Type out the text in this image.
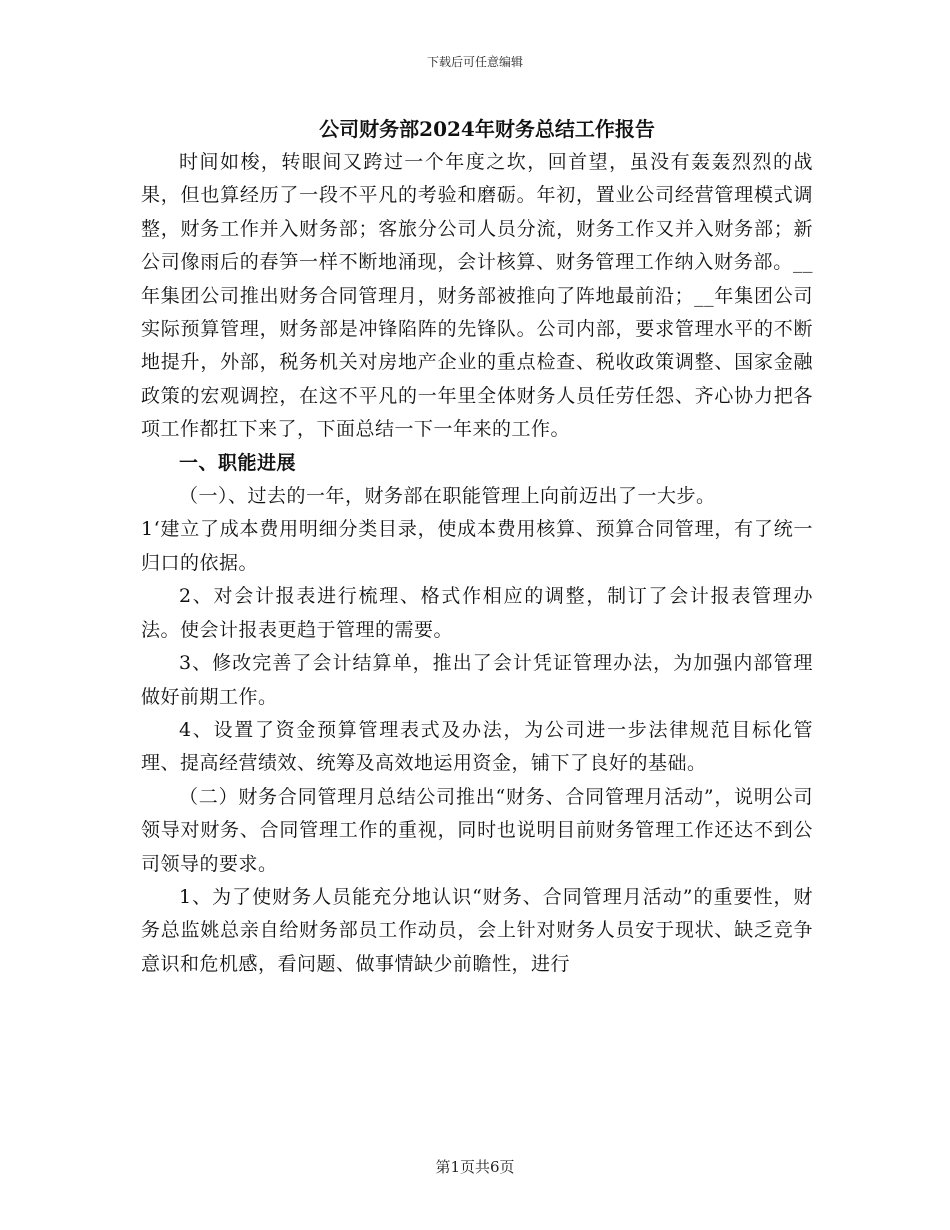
下载后可任意编辑
公司财务部2024年财务总结工作报告

时间如梭，转眼间又跨过一个年度之坎，回首望，虽没有轰轰烈烈的战果，但也算经历了一段不平凡的考验和磨砺。年初，置业公司经营管理模式调整，财务工作并入财务部；客旅分公司人员分流，财务工作又并入财务部；新公司像雨后的春笋一样不断地涌现，会计核算、财务管理工作纳入财务部。__年集团公司推出财务合同管理月，财务部被推向了阵地最前沿；__年集团公司实际预算管理，财务部是冲锋陷阵的先锋队。公司内部，要求管理水平的不断地提升，外部，税务机关对房地产企业的重点检查、税收政策调整、国家金融政策的宏观调控，在这不平凡的一年里全体财务人员任劳任怨、齐心协力把各项工作都扛下来了，下面总结一下一年来的工作。

一、职能进展

（一）、过去的一年，财务部在职能管理上向前迈出了一大步。

1‘建立了成本费用明细分类目录，使成本费用核算、预算合同管理，有了统一归口的依据。

2、对会计报表进行梳理、格式作相应的调整，制订了会计报表管理办法。使会计报表更趋于管理的需要。

3、修改完善了会计结算单，推出了会计凭证管理办法，为加强内部管理做好前期工作。

4、设置了资金预算管理表式及办法，为公司进一步法律规范目标化管理、提高经营绩效、统筹及高效地运用资金，铺下了良好的基础。

（二）财务合同管理月总结公司推出“财务、合同管理月活动”，说明公司领导对财务、合同管理工作的重视，同时也说明目前财务管理工作还达不到公司领导的要求。

1、为了使财务人员能充分地认识“财务、合同管理月活动”的重要性，财务总监姚总亲自给财务部员工作动员，会上针对财务人员安于现状、缺乏竞争意识和危机感，看问题、做事情缺少前瞻性，进行

第1页共6页
